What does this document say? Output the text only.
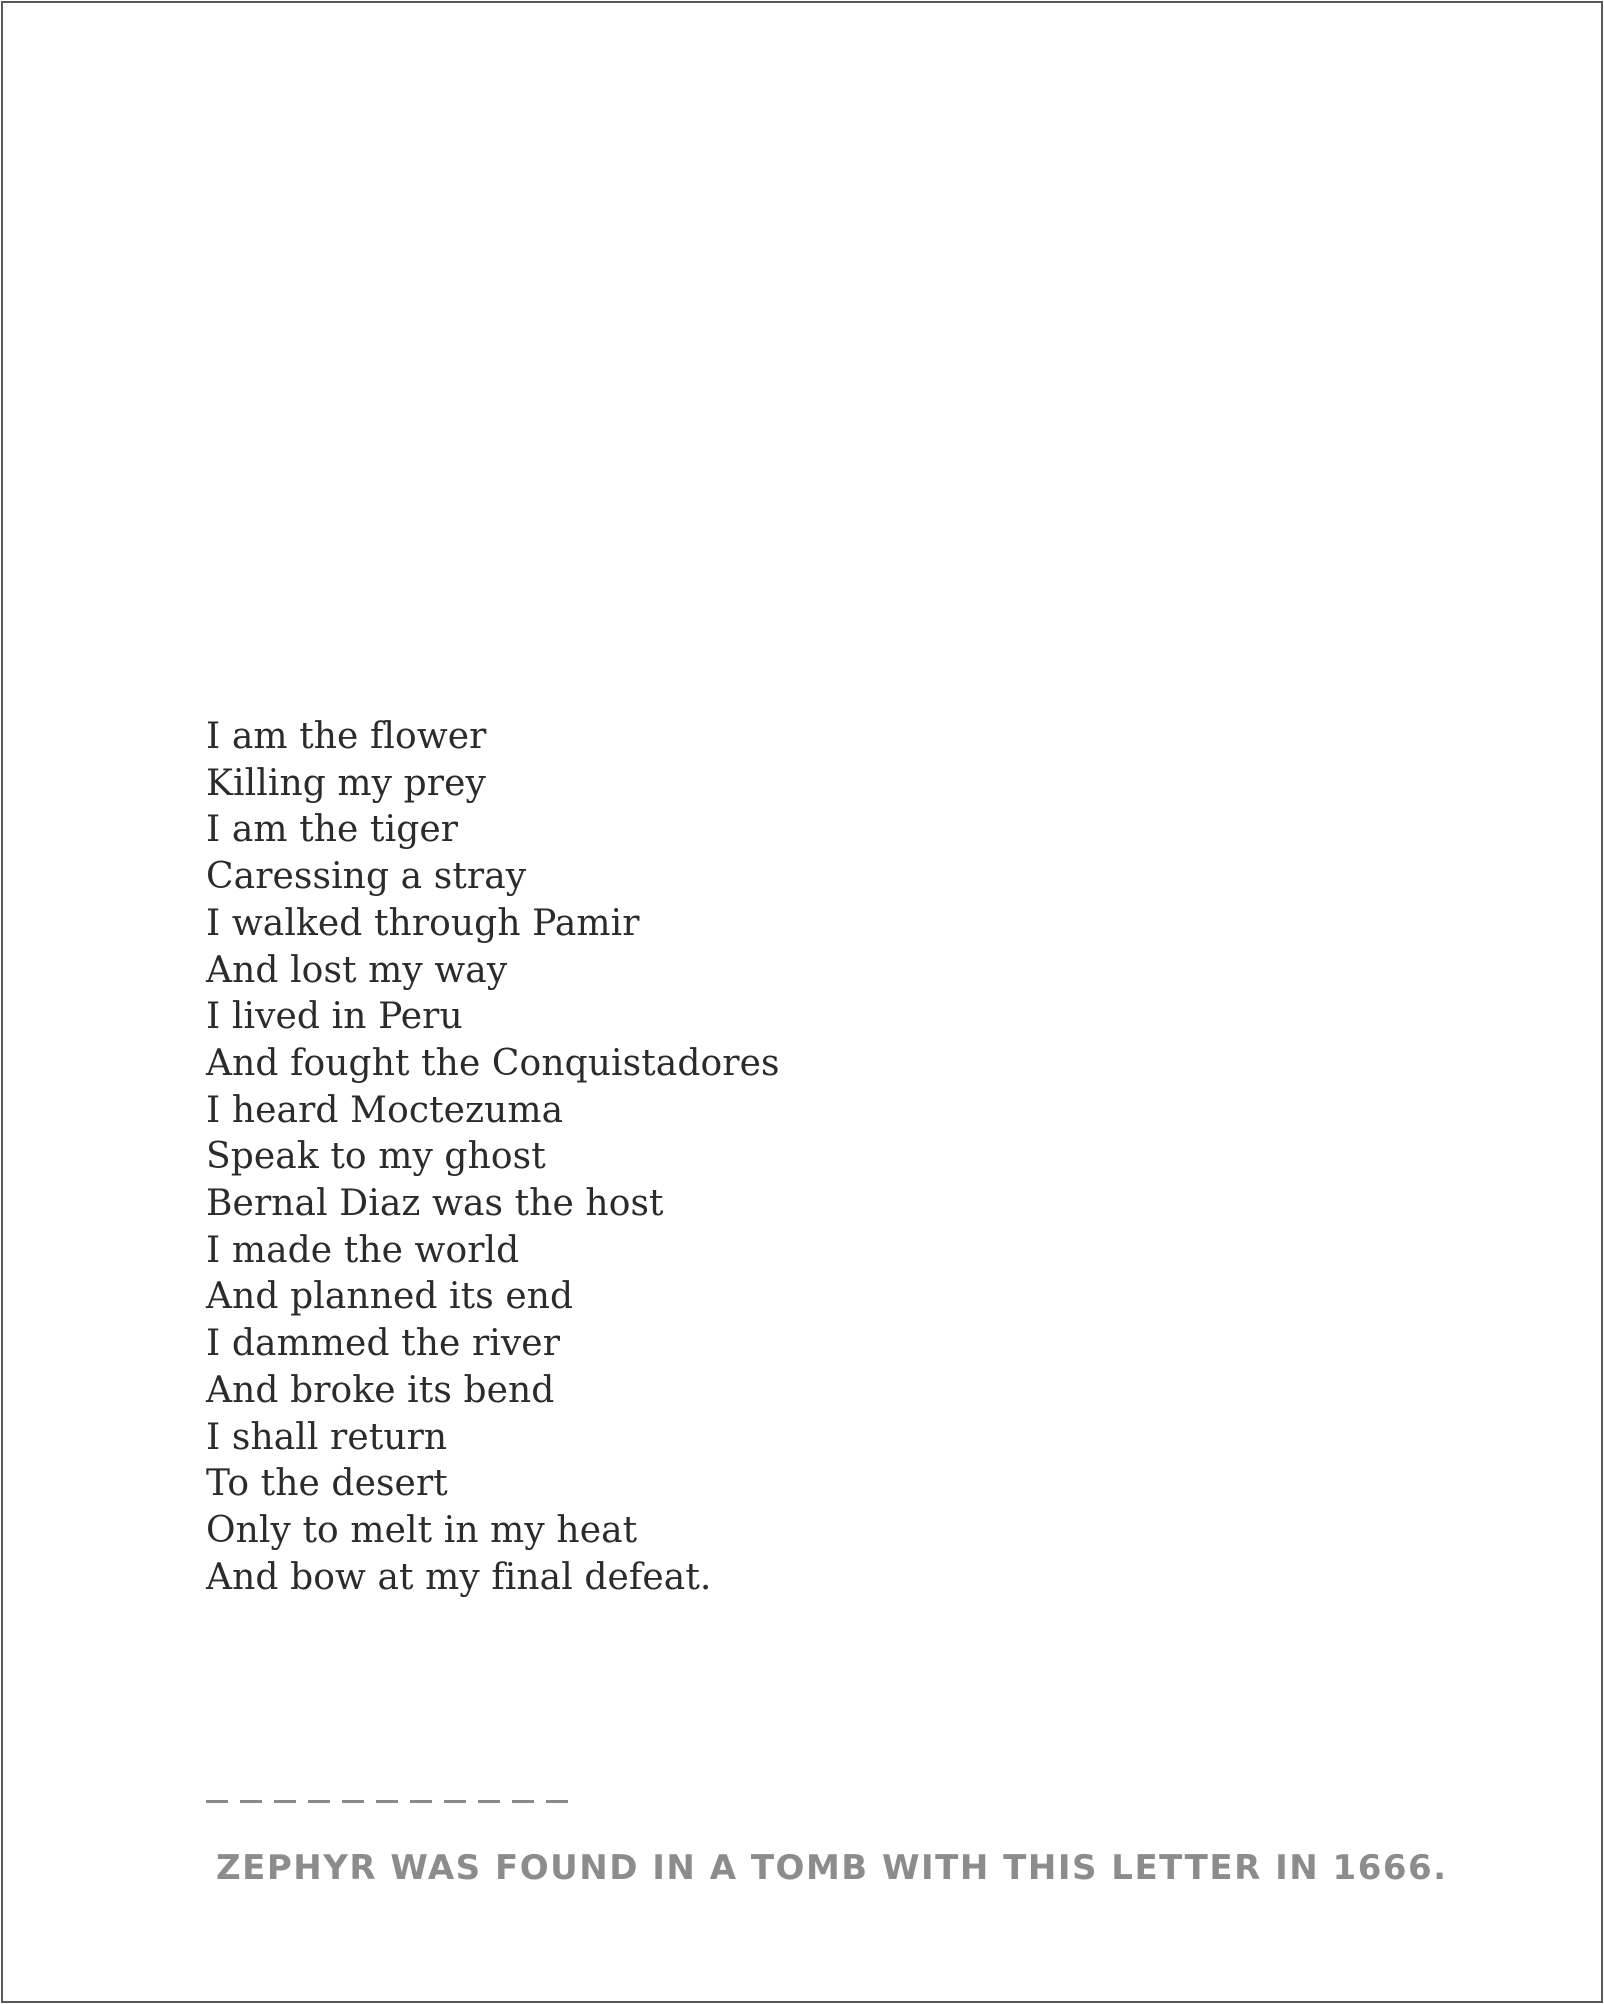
I am the flower
Killing my prey
I am the tiger
Caressing a stray
I walked through Pamir
And lost my way
I lived in Peru
And fought the Conquistadores
I heard Moctezuma
Speak to my ghost
Bernal Diaz was the host
I made the world
And planned its end
I dammed the river
And broke its bend
I shall return
To the desert
Only to melt in my heat
And bow at my final defeat.
ZEPHYR WAS FOUND IN A TOMB WITH THIS LETTER IN 1666.
